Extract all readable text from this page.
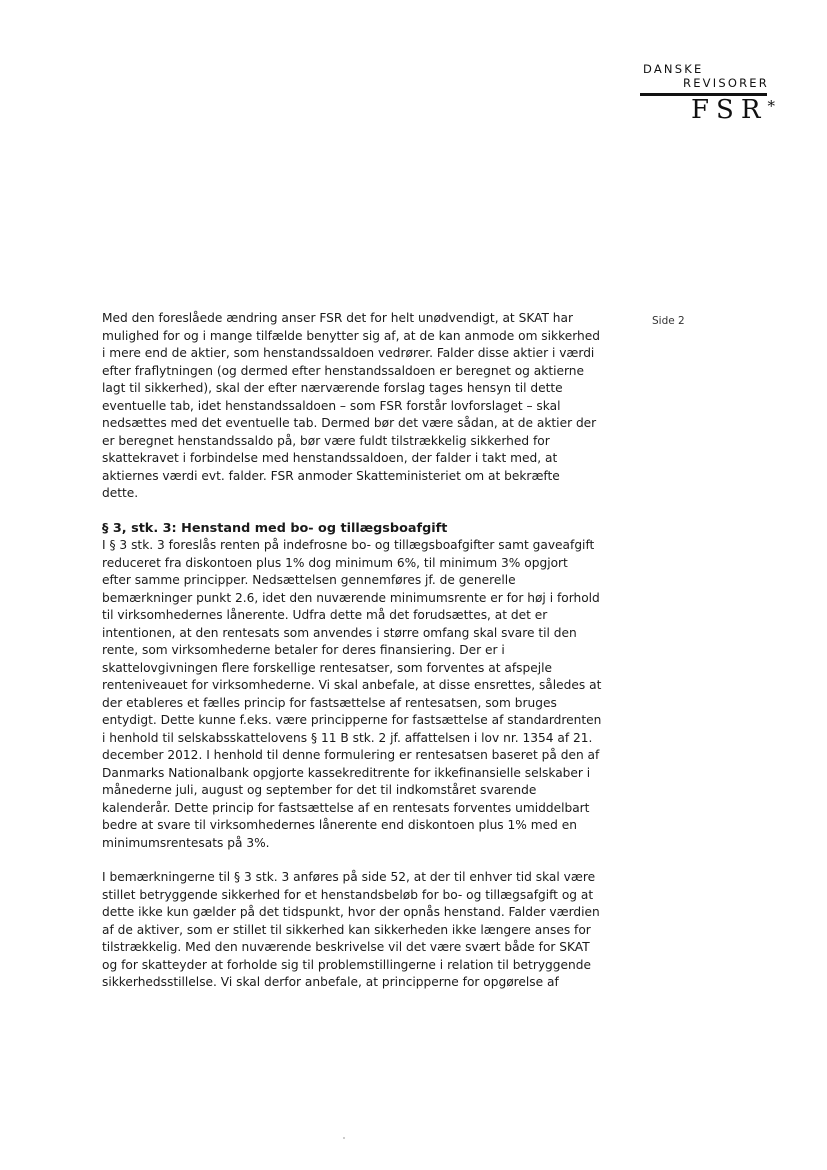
DANSKE
REVISORER
FSR*
Side 2

Med den foreslåede ændring anser FSR det for helt unødvendigt, at SKAT har
mulighed for og i mange tilfælde benytter sig af, at de kan anmode om sikkerhed
i mere end de aktier, som henstandssaldoen vedrører. Falder disse aktier i værdi
efter fraflytningen (og dermed efter henstandssaldoen er beregnet og aktierne
lagt til sikkerhed), skal der efter nærværende forslag tages hensyn til dette
eventuelle tab, idet henstandssaldoen – som FSR forstår lovforslaget – skal
nedsættes med det eventuelle tab. Dermed bør det være sådan, at de aktier der
er beregnet henstandssaldo på, bør være fuldt tilstrækkelig sikkerhed for
skattekravet i forbindelse med henstandssaldoen, der falder i takt med, at
aktiernes værdi evt. falder. FSR anmoder Skatteministeriet om at bekræfte
dette.

§ 3, stk. 3: Henstand med bo- og tillægsboafgift

I § 3 stk. 3 foreslås renten på indefrosne bo- og tillægsboafgifter samt gaveafgift
reduceret fra diskontoen plus 1% dog minimum 6%, til minimum 3% opgjort
efter samme principper. Nedsættelsen gennemføres jf. de generelle
bemærkninger punkt 2.6, idet den nuværende minimumsrente er for høj i forhold
til virksomhedernes lånerente. Udfra dette må det forudsættes, at det er
intentionen, at den rentesats som anvendes i større omfang skal svare til den
rente, som virksomhederne betaler for deres finansiering. Der er i
skattelovgivningen flere forskellige rentesatser, som forventes at afspejle
renteniveauet for virksomhederne. Vi skal anbefale, at disse ensrettes, således at
der etableres et fælles princip for fastsættelse af rentesatsen, som bruges
entydigt. Dette kunne f.eks. være principperne for fastsættelse af standardrenten
i henhold til selskabsskattelovens § 11 B stk. 2 jf. affattelsen i lov nr. 1354 af 21.
december 2012. I henhold til denne formulering er rentesatsen baseret på den af
Danmarks Nationalbank opgjorte kassekreditrente for ikkefinansielle selskaber i
månederne juli, august og september for det til indkomståret svarende
kalenderår. Dette princip for fastsættelse af en rentesats forventes umiddelbart
bedre at svare til virksomhedernes lånerente end diskontoen plus 1% med en
minimumsrentesats på 3%.

I bemærkningerne til § 3 stk. 3 anføres på side 52, at der til enhver tid skal være
stillet betryggende sikkerhed for et henstandsbeløb for bo- og tillægsafgift og at
dette ikke kun gælder på det tidspunkt, hvor der opnås henstand. Falder værdien
af de aktiver, som er stillet til sikkerhed kan sikkerheden ikke længere anses for
tilstrækkelig. Med den nuværende beskrivelse vil det være svært både for SKAT
og for skatteyder at forholde sig til problemstillingerne i relation til betryggende
sikkerhedsstillelse. Vi skal derfor anbefale, at principperne for opgørelse af
